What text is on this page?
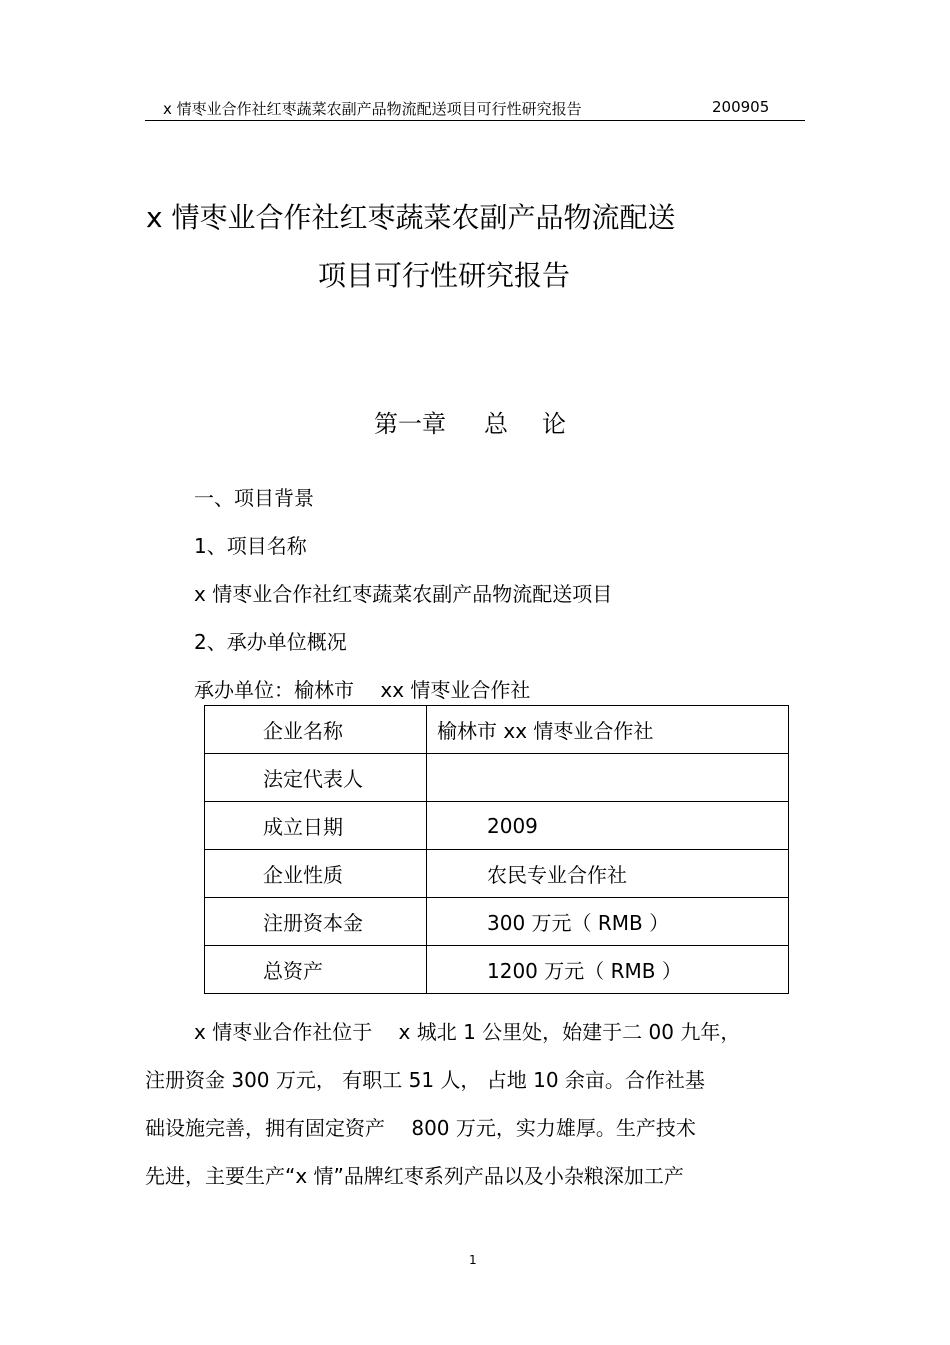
x 情枣业合作社红枣蔬菜农副产品物流配送项目可行性研究报告	200905
x 情枣业合作社红枣蔬菜农副产品物流配送
项目可行性研究报告
第一章 总 论
一、项目背景
1、项目名称
x 情枣业合作社红枣蔬菜农副产品物流配送项目
2、承办单位概况
承办单位：榆林市　 xx 情枣业合作社
企业名称	榆林市 xx 情枣业合作社
法定代表人	
成立日期	2009
企业性质	农民专业合作社
注册资本金	300 万元（ RMB ）
总资产	1200 万元（ RMB ）
x 情枣业合作社位于　 x 城北 1 公里处，始建于二 00 九年，
注册资金 300 万元， 有职工 51 人， 占地 10 余亩。合作社基
础设施完善，拥有固定资产　 800 万元，实力雄厚。生产技术
先进，主要生产“x 情”品牌红枣系列产品以及小杂粮深加工产
1
